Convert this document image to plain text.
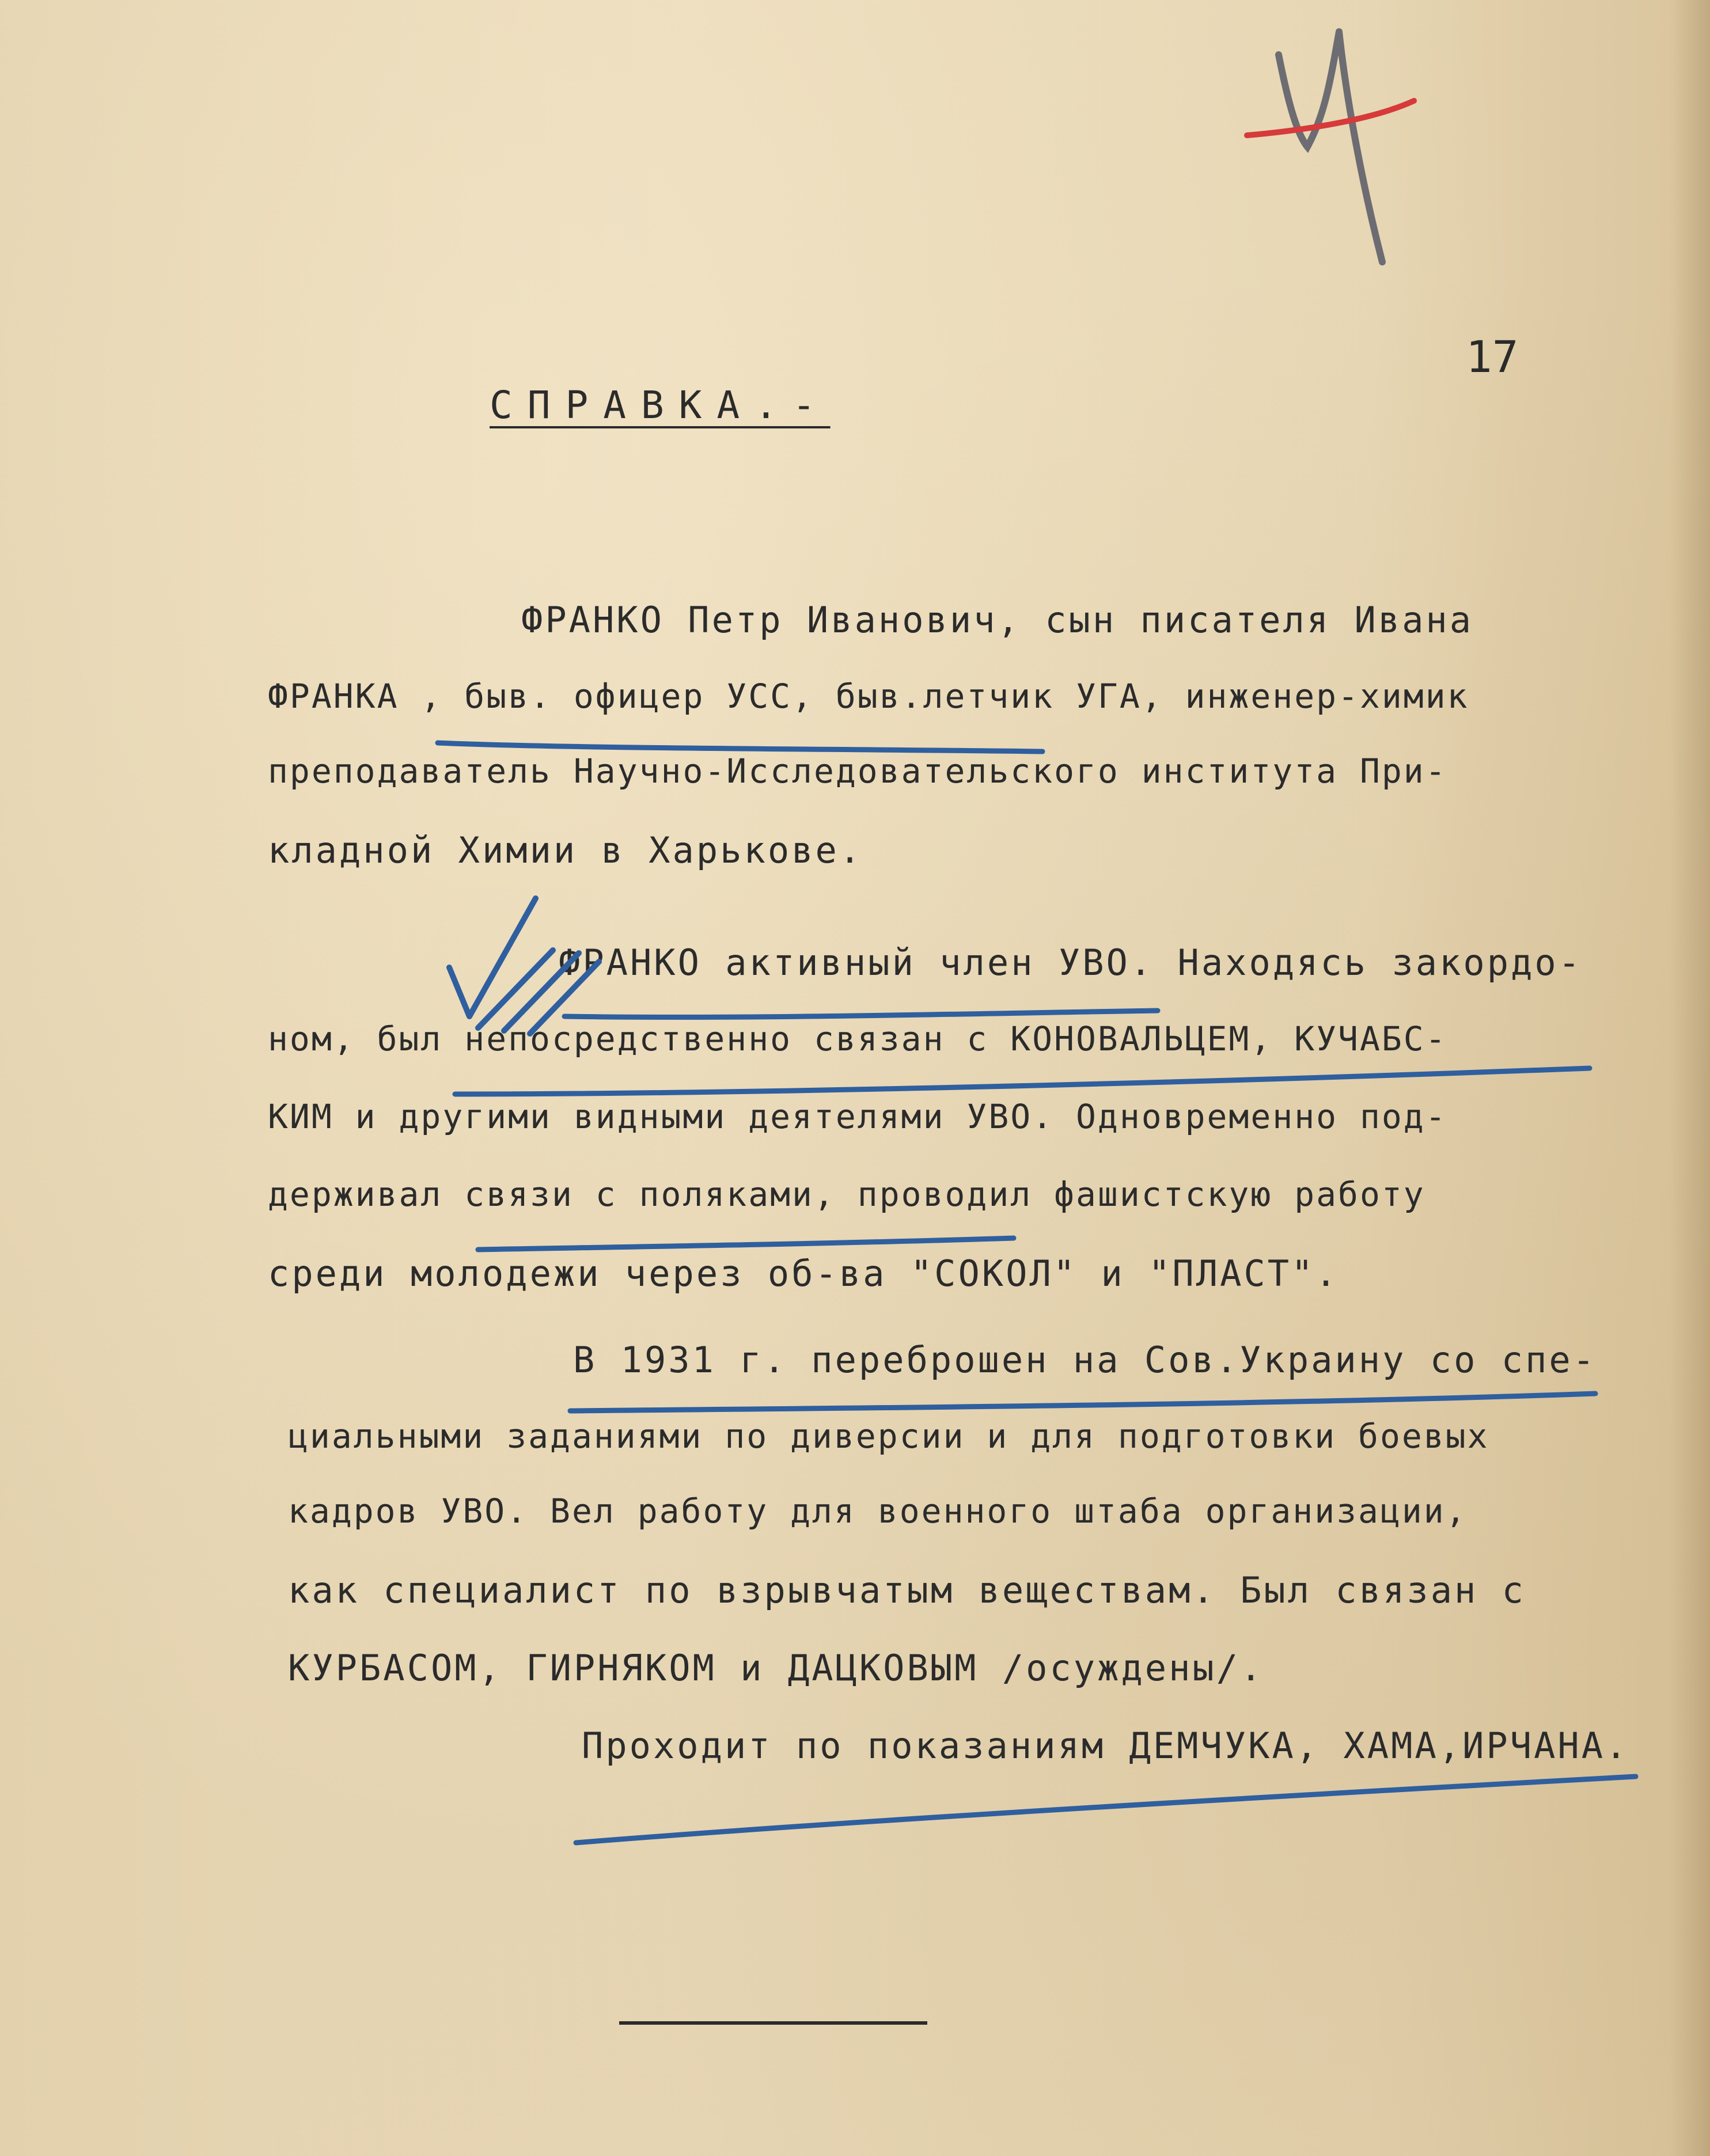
17
СПРАВКА.-
ФРАНКО Петр Иванович, сын писателя Ивана
ФРАНКА , быв. офицер УСС, быв.летчик УГА, инженер-химик
преподаватель Научно-Исследовательского института При-
кладной Химии в Харькове.
ФРАНКО активный член УВО. Находясь закордо-
ном, был непосредственно связан с КОНОВАЛЬЦЕМ, КУЧАБС-
КИМ и другими видными деятелями УВО. Одновременно под-
держивал связи с поляками, проводил фашистскую работу
среди молодежи через об-ва "СОКОЛ" и "ПЛАСТ".
В 1931 г. переброшен на Сов.Украину со спе-
циальными заданиями по диверсии и для подготовки боевых
кадров УВО. Вел работу для военного штаба организации,
как специалист по взрывчатым веществам. Был связан с
КУРБАСОМ, ГИРНЯКОМ и ДАЦКОВЫМ /осуждены/.
Проходит по показаниям ДЕМЧУКА, ХАМА,ИРЧАНА.
